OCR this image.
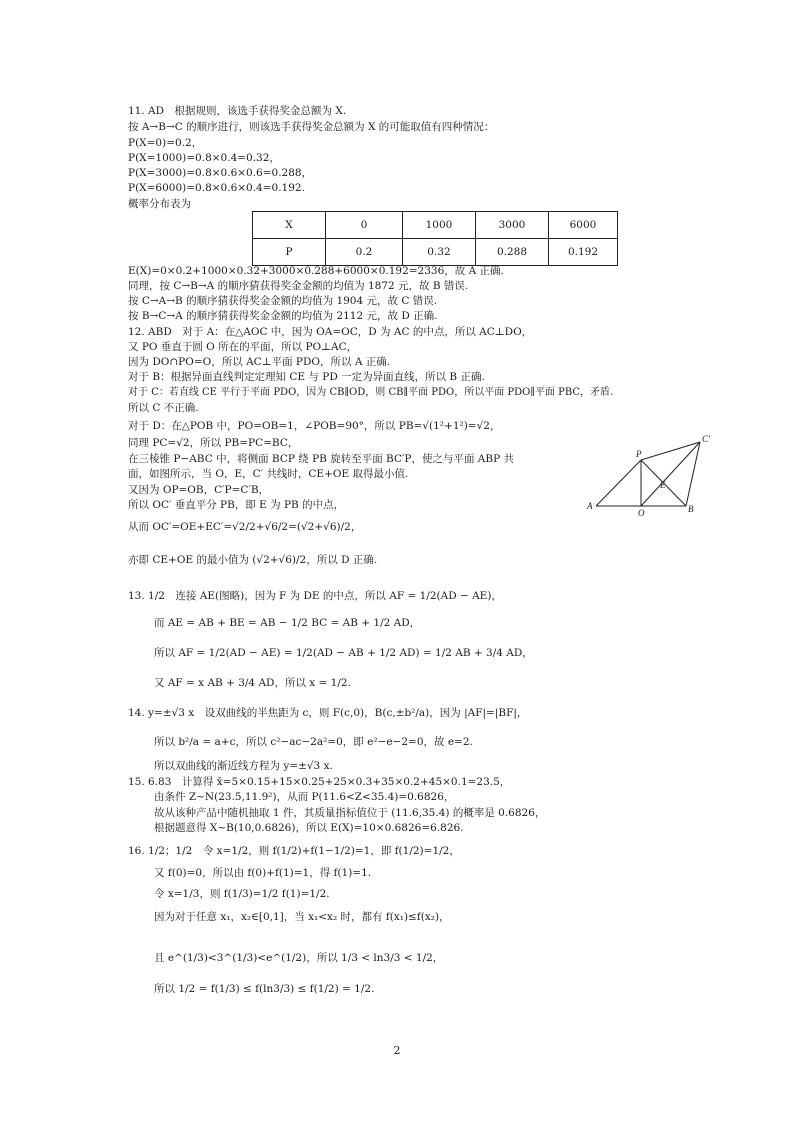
11. AD　根据规则，该选手获得奖金总额为 X.
按 A→B→C 的顺序进行，则该选手获得奖金总额为 X 的可能取值有四种情况：
P(X=0)=0.2，
P(X=1000)=0.8×0.4=0.32，
P(X=3000)=0.8×0.6×0.6=0.288，
P(X=6000)=0.8×0.6×0.4=0.192.
概率分布表为
X	0	1000	3000	6000
P	0.2	0.32	0.288	0.192
E(X)=0×0.2+1000×0.32+3000×0.288+6000×0.192=2336，故 A 正确.
同理，按 C→B→A 的顺序猜获得奖金金额的均值为 1872 元，故 B 错误.
按 C→A→B 的顺序猜获得奖金金额的均值为 1904 元，故 C 错误.
按 B→C→A 的顺序猜获得奖金金额的均值为 2112 元，故 D 正确.
12. ABD　对于 A：在△AOC 中，因为 OA=OC，D 为 AC 的中点，所以 AC⊥DO，
又 PO 垂直于圆 O 所在的平面，所以 PO⊥AC，
因为 DO∩PO=O，所以 AC⊥平面 PDO，所以 A 正确.
对于 B：根据异面直线判定定理知 CE 与 PD 一定为异面直线，所以 B 正确.
对于 C：若直线 CE 平行于平面 PDO，因为 CB∥OD，则 CB∥平面 PDO，所以平面 PDO∥平面 PBC，矛盾.
所以 C 不正确.
对于 D：在△POB 中，PO=OB=1，∠POB=90°，所以 PB=√(1²+1²)=√2，
同理 PC=√2，所以 PB=PC=BC，
在三棱锥 P−ABC 中，将侧面 BCP 绕 PB 旋转至平面 BC′P，使之与平面 ABP 共
面，如图所示，当 O，E，C′ 共线时，CE+OE 取得最小值.
又因为 OP=OB，C′P=C′B，
所以 OC′ 垂直平分 PB，即 E 为 PB 的中点，
从而 OC′=OE+EC′=√2/2+√6/2=(√2+√6)/2，
亦即 CE+OE 的最小值为 (√2+√6)/2，所以 D 正确.
P
C′
A
O	B
E
13. 1/2　连接 AE(图略)，因为 F 为 DE 的中点，所以 AF = 1/2(AD − AE)，
而 AE = AB + BE = AB − 1/2 BC = AB + 1/2 AD，
所以 AF = 1/2(AD − AE) = 1/2(AD − AB + 1/2 AD) = 1/2 AB + 3/4 AD，
又 AF = x AB + 3/4 AD，所以 x = 1/2.
14. y=±√3 x　设双曲线的半焦距为 c，则 F(c,0)，B(c,±b²/a)，因为 |AF|=|BF|，
所以 b²/a = a+c，所以 c²−ac−2a²=0，即 e²−e−2=0，故 e=2.
所以双曲线的渐近线方程为 y=±√3 x.
15. 6.83　计算得 x̄=5×0.15+15×0.25+25×0.3+35×0.2+45×0.1=23.5，
由条件 Z~N(23.5,11.9²)，从而 P(11.6<Z<35.4)=0.6826，
故从该种产品中随机抽取 1 件，其质量指标值位于 (11.6,35.4) 的概率是 0.6826，
根据题意得 X~B(10,0.6826)，所以 E(X)=10×0.6826=6.826.
16. 1/2；1/2　令 x=1/2，则 f(1/2)+f(1−1/2)=1，即 f(1/2)=1/2，
又 f(0)=0，所以由 f(0)+f(1)=1，得 f(1)=1.
令 x=1/3，则 f(1/3)=1/2 f(1)=1/2.
因为对于任意 x₁，x₂∈[0,1]，当 x₁<x₂ 时，都有 f(x₁)≤f(x₂)，
且 e^(1/3)<3^(1/3)<e^(1/2)，所以 1/3 < ln3/3 < 1/2，
所以 1/2 = f(1/3) ≤ f(ln3/3) ≤ f(1/2) = 1/2.
2
